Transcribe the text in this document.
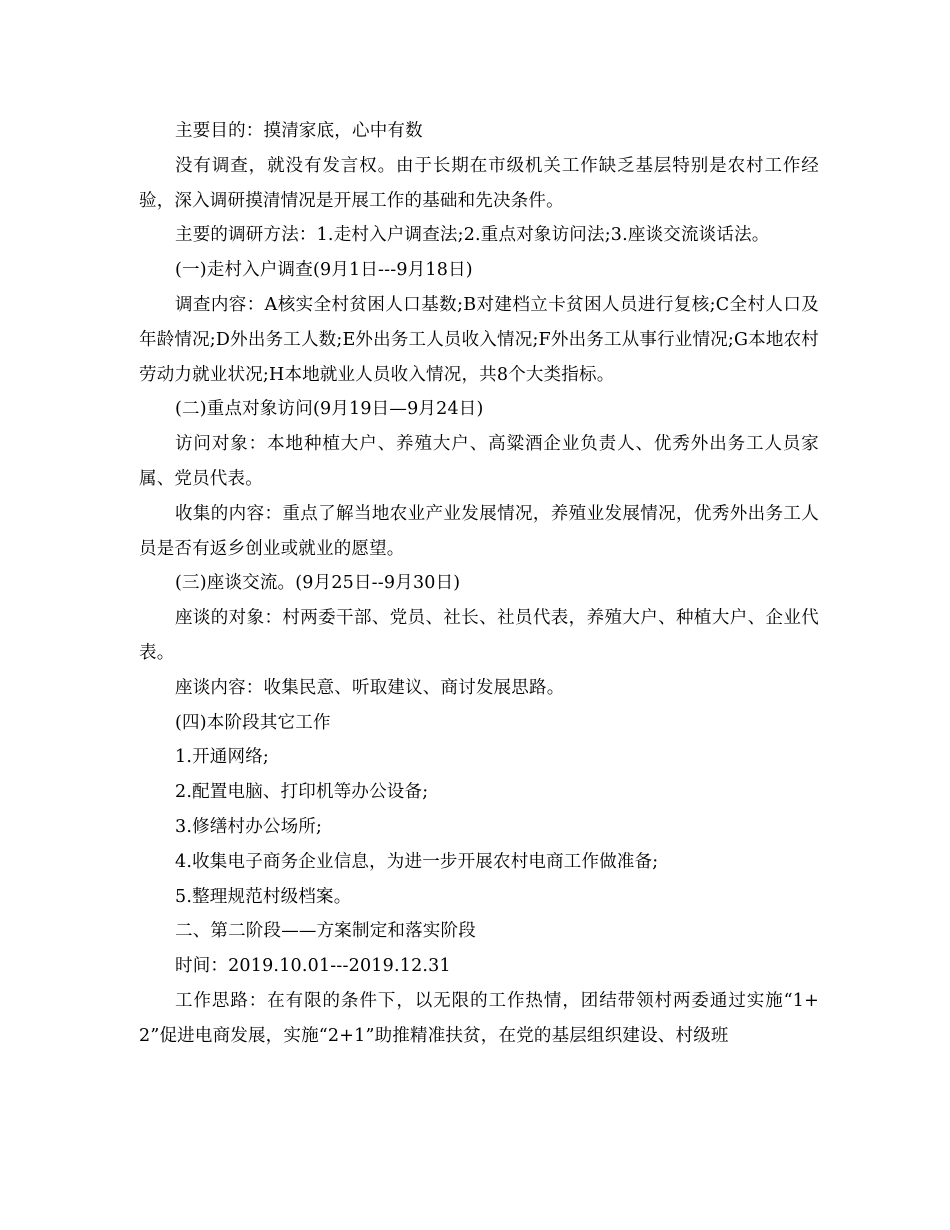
主要目的：摸清家底，心中有数

没有调查，就没有发言权。由于长期在市级机关工作缺乏基层特别是农村工作经验，深入调研摸清情况是开展工作的基础和先决条件。

主要的调研方法：1.走村入户调查法;2.重点对象访问法;3.座谈交流谈话法。

(一)走村入户调查(9月1日---9月18日)

调查内容：A核实全村贫困人口基数;B对建档立卡贫困人员进行复核;C全村人口及年龄情况;D外出务工人数;E外出务工人员收入情况;F外出务工从事行业情况;G本地农村劳动力就业状况;H本地就业人员收入情况，共8个大类指标。

(二)重点对象访问(9月19日—9月24日)

访问对象：本地种植大户、养殖大户、高粱酒企业负责人、优秀外出务工人员家属、党员代表。

收集的内容：重点了解当地农业产业发展情况，养殖业发展情况，优秀外出务工人员是否有返乡创业或就业的愿望。

(三)座谈交流。(9月25日--9月30日)

座谈的对象：村两委干部、党员、社长、社员代表，养殖大户、种植大户、企业代表。

座谈内容：收集民意、听取建议、商讨发展思路。

(四)本阶段其它工作

1.开通网络;

2.配置电脑、打印机等办公设备;

3.修缮村办公场所;

4.收集电子商务企业信息，为进一步开展农村电商工作做准备;

5.整理规范村级档案。

二、第二阶段——方案制定和落实阶段

时间：2019.10.01---2019.12.31

工作思路：在有限的条件下，以无限的工作热情，团结带领村两委通过实施“1+2”促进电商发展，实施“2+1”助推精准扶贫，在党的基层组织建设、村级班
